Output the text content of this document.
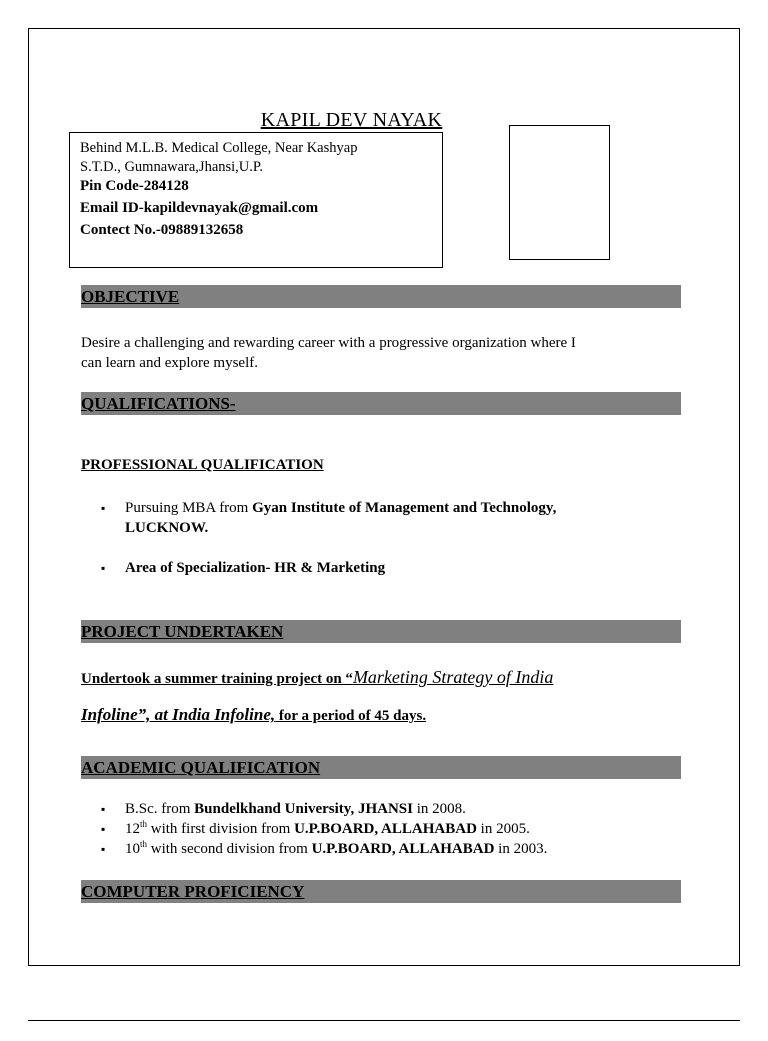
KAPIL DEV NAYAK
Behind M.L.B. Medical College, Near Kashyap
S.T.D., Gumnawara,Jhansi,U.P.
Pin Code-284128
Email ID-kapildevnayak@gmail.com
Contect No.-09889132658
OBJECTIVE
Desire a challenging and rewarding career with a progressive organization where I
can learn and explore myself.
QUALIFICATIONS-
PROFESSIONAL QUALIFICATION
▪ Pursuing MBA from Gyan Institute of Management and Technology,
LUCKNOW.
▪ Area of Specialization- HR & Marketing
PROJECT UNDERTAKEN
Undertook a summer training project on “Marketing Strategy of India
Infoline”, at India Infoline, for a period of 45 days.
ACADEMIC QUALIFICATION
▪ B.Sc. from Bundelkhand University, JHANSI in 2008.
▪ 12th with first division from U.P.BOARD, ALLAHABAD in 2005.
▪ 10th with second division from U.P.BOARD, ALLAHABAD in 2003.
COMPUTER PROFICIENCY
